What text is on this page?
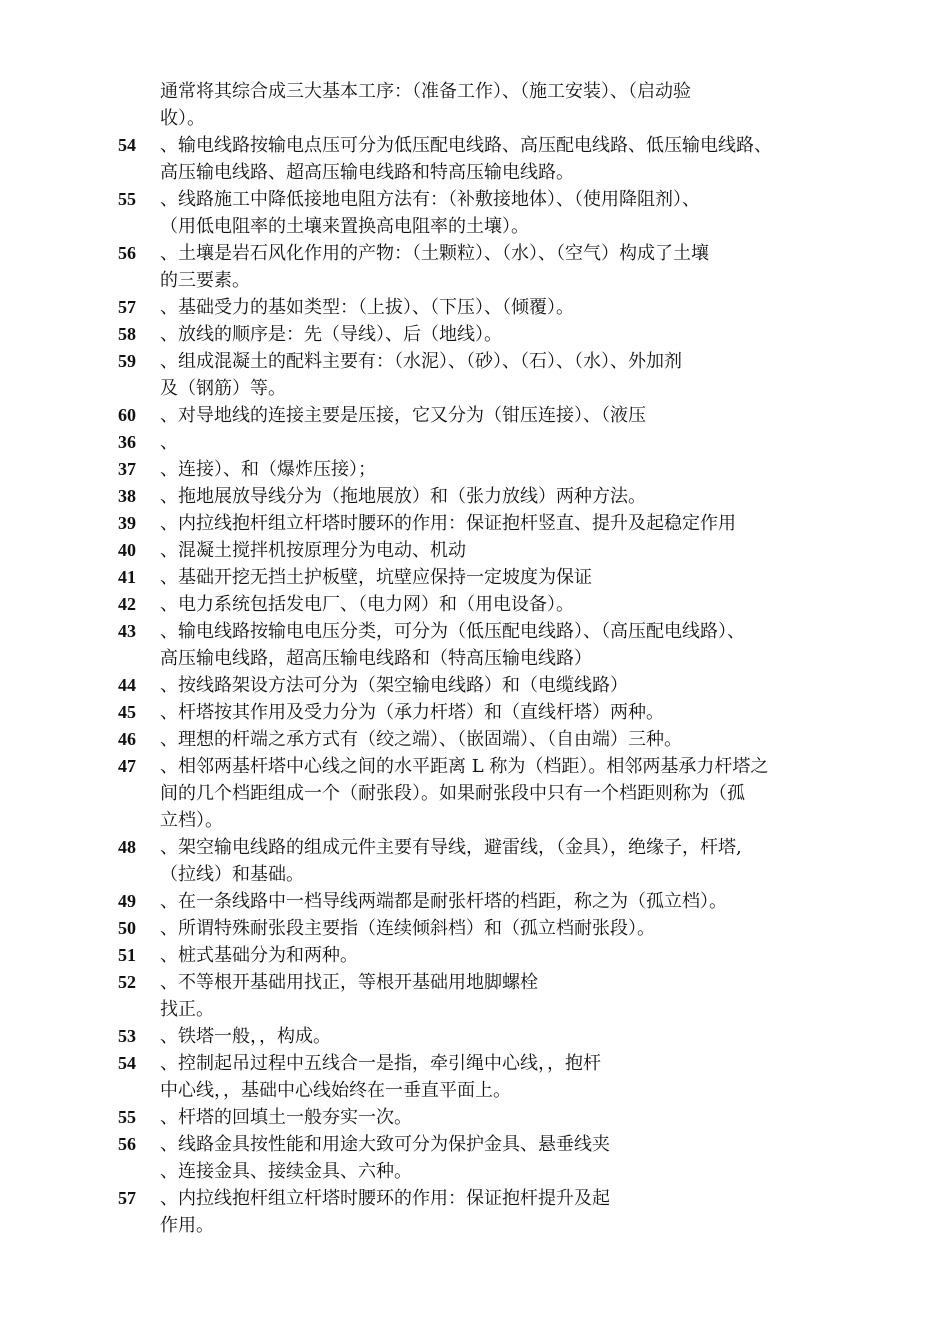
通常将其综合成三大基本工序：（准备工作）、（施工安装）、（启动验
收）。
54	、输电线路按输电点压可分为低压配电线路、高压配电线路、低压输电线路、
高压输电线路、超高压输电线路和特高压输电线路。
55	、线路施工中降低接地电阻方法有：（补敷接地体）、（使用降阻剂）、
（用低电阻率的土壤来置换高电阻率的土壤）。
56	、土壤是岩石风化作用的产物：（土颗粒）、（水）、（空气）构成了土壤
的三要素。
57	、基础受力的基如类型：（上拔）、（下压）、（倾覆）。
58	、放线的顺序是：先（导线）、后（地线）。
59	、组成混凝土的配料主要有：（水泥）、（砂）、（石）、（水）、外加剂
及（钢筋）等。
60	、对导地线的连接主要是压接，它又分为（钳压连接）、（液压
36	、
37	、连接）、和（爆炸压接）；
38	、拖地展放导线分为（拖地展放）和（张力放线）两种方法。
39	、内拉线抱杆组立杆塔时腰环的作用：保证抱杆竖直、提升及起稳定作用
40	、混凝土搅拌机按原理分为电动、机动
41	、基础开挖无挡土护板壁，坑壁应保持一定坡度为保证
42	、电力系统包括发电厂、（电力网）和（用电设备）。
43	、输电线路按输电电压分类，可分为（低压配电线路）、（高压配电线路）、
高压输电线路，超高压输电线路和（特高压输电线路）
44	、按线路架设方法可分为（架空输电线路）和（电缆线路）
45	、杆塔按其作用及受力分为（承力杆塔）和（直线杆塔）两种。
46	、理想的杆端之承方式有（绞之端）、（嵌固端）、（自由端）三种。
47	、相邻两基杆塔中心线之间的水平距离 L 称为（档距）。相邻两基承力杆塔之
间的几个档距组成一个（耐张段）。如果耐张段中只有一个档距则称为（孤
立档）。
48	、架空输电线路的组成元件主要有导线，避雷线，（金具），绝缘子，杆塔,
（拉线）和基础。
49	、在一条线路中一档导线两端都是耐张杆塔的档距，称之为（孤立档）。
50	、所谓特殊耐张段主要指（连续倾斜档）和（孤立档耐张段）。
51	、桩式基础分为和两种。
52	、不等根开基础用找正，等根开基础用地脚螺栓
找正。
53	、铁塔一般，，构成。
54	、控制起吊过程中五线合一是指，牵引绳中心线，，抱杆
中心线，，基础中心线始终在一垂直平面上。
55	、杆塔的回填土一般夯实一次。
56	、线路金具按性能和用途大致可分为保护金具、悬垂线夹
、连接金具、接续金具、六种。
57	、内拉线抱杆组立杆塔时腰环的作用：保证抱杆提升及起
作用。
